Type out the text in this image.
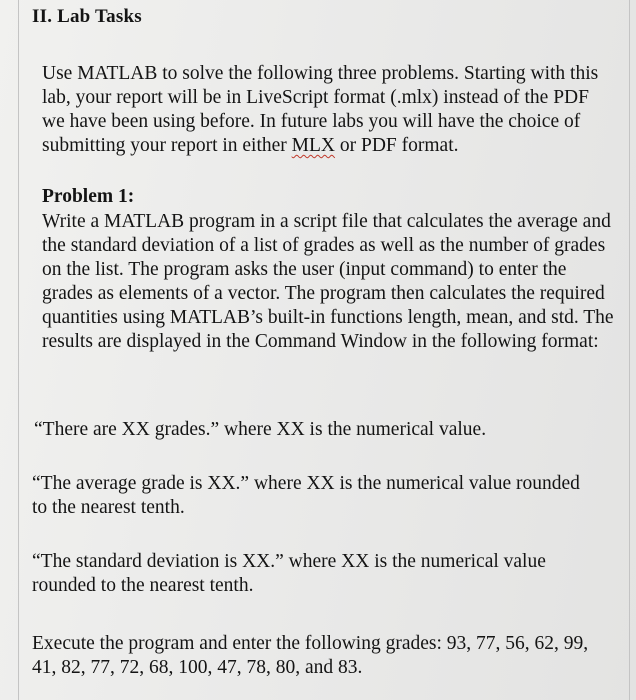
II. Lab Tasks

Use MATLAB to solve the following three problems. Starting with this lab, your report will be in LiveScript format (.mlx) instead of the PDF we have been using before. In future labs you will have the choice of submitting your report in either MLX or PDF format.

Problem 1:

Write a MATLAB program in a script file that calculates the average and the standard deviation of a list of grades as well as the number of grades on the list. The program asks the user (input command) to enter the grades as elements of a vector. The program then calculates the required quantities using MATLAB’s built-in functions length, mean, and std. The results are displayed in the Command Window in the following format:

“There are XX grades.” where XX is the numerical value.

“The average grade is XX.” where XX is the numerical value rounded to the nearest tenth.

“The standard deviation is XX.” where XX is the numerical value rounded to the nearest tenth.

Execute the program and enter the following grades: 93, 77, 56, 62, 99, 41, 82, 77, 72, 68, 100, 47, 78, 80, and 83.
